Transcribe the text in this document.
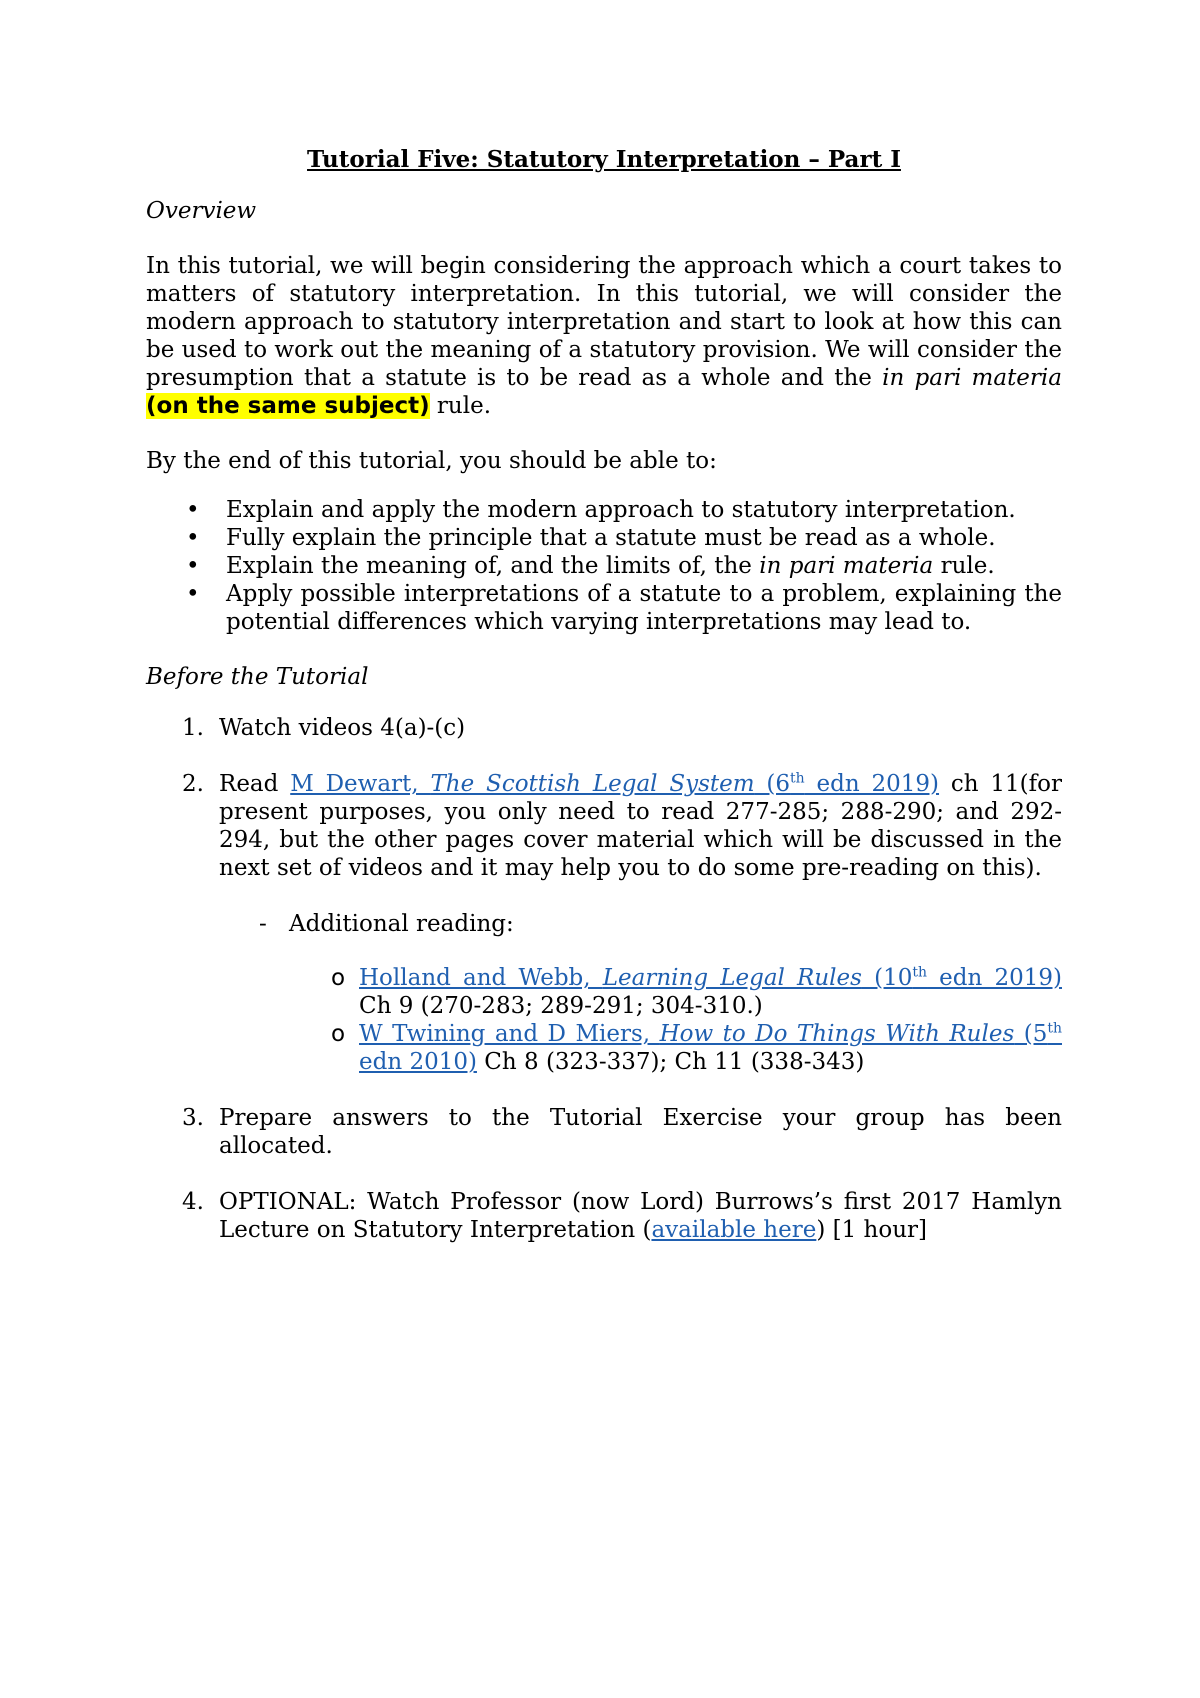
Tutorial Five: Statutory Interpretation – Part I

Overview

In this tutorial, we will begin considering the approach which a court takes to matters of statutory interpretation. In this tutorial, we will consider the modern approach to statutory interpretation and start to look at how this can be used to work out the meaning of a statutory provision. We will consider the presumption that a statute is to be read as a whole and the in pari materia (on the same subject) rule.

By the end of this tutorial, you should be able to:

• Explain and apply the modern approach to statutory interpretation.
• Fully explain the principle that a statute must be read as a whole.
• Explain the meaning of, and the limits of, the in pari materia rule.
• Apply possible interpretations of a statute to a problem, explaining the potential differences which varying interpretations may lead to.

Before the Tutorial

1. Watch videos 4(a)-(c)
2. Read M Dewart, The Scottish Legal System (6th edn 2019) ch 11(for present purposes, you only need to read 277-285; 288-290; and 292-294, but the other pages cover material which will be discussed in the next set of videos and it may help you to do some pre-reading on this).
- Additional reading:
o Holland and Webb, Learning Legal Rules (10th edn 2019) Ch 9 (270-283; 289-291; 304-310.)
o W Twining and D Miers, How to Do Things With Rules (5th edn 2010) Ch 8 (323-337); Ch 11 (338-343)
3. Prepare answers to the Tutorial Exercise your group has been allocated.
4. OPTIONAL: Watch Professor (now Lord) Burrows’s first 2017 Hamlyn Lecture on Statutory Interpretation (available here) [1 hour]
